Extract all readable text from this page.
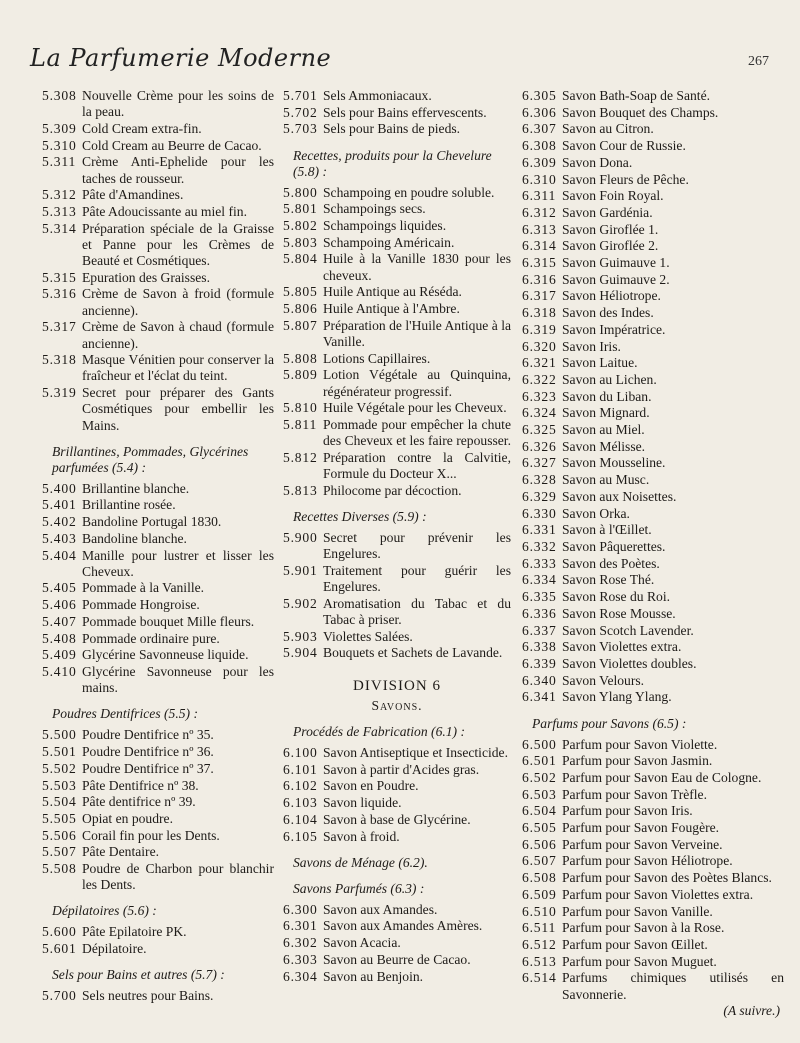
La Parfumerie Moderne	267
5.308 Nouvelle Crème pour les soins de la peau.
5.309 Cold Cream extra-fin.
5.310 Cold Cream au Beurre de Cacao.
5.311 Crème Anti-Ephelide pour les taches de rousseur.
5.312 Pâte d'Amandines.
5.313 Pâte Adoucissante au miel fin.
5.314 Préparation spéciale de la Graisse et Panne pour les Crèmes de Beauté et Cosmétiques.
5.315 Epuration des Graisses.
5.316 Crème de Savon à froid (formule ancienne).
5.317 Crème de Savon à chaud (formule ancienne).
5.318 Masque Vénitien pour conserver la fraîcheur et l'éclat du teint.
5.319 Secret pour préparer des Gants Cosmétiques pour embellir les Mains.
Brillantines, Pommades, Glycérines parfumées (5.4) :
5.400 Brillantine blanche.
5.401 Brillantine rosée.
5.402 Bandoline Portugal 1830.
5.403 Bandoline blanche.
5.404 Manille pour lustrer et lisser les Cheveux.
5.405 Pommade à la Vanille.
5.406 Pommade Hongroise.
5.407 Pommade bouquet Mille fleurs.
5.408 Pommade ordinaire pure.
5.409 Glycérine Savonneuse liquide.
5.410 Glycérine Savonneuse pour les mains.
Poudres Dentifrices (5.5) :
5.500 Poudre Dentifrice nº 35.
5.501 Poudre Dentifrice nº 36.
5.502 Poudre Dentifrice nº 37.
5.503 Pâte Dentifrice nº 38.
5.504 Pâte dentifrice nº 39.
5.505 Opiat en poudre.
5.506 Corail fin pour les Dents.
5.507 Pâte Dentaire.
5.508 Poudre de Charbon pour blanchir les Dents.
Dépilatoires (5.6) :
5.600 Pâte Epilatoire PK.
5.601 Dépilatoire.
Sels pour Bains et autres (5.7) :
5.700 Sels neutres pour Bains.
5.701 Sels Ammoniacaux.
5.702 Sels pour Bains effervescents.
5.703 Sels pour Bains de pieds.
Recettes, produits pour la Chevelure (5.8) :
5.800 Schampoing en poudre soluble.
5.801 Schampoings secs.
5.802 Schampoings liquides.
5.803 Schampoing Américain.
5.804 Huile à la Vanille 1830 pour les cheveux.
5.805 Huile Antique au Réséda.
5.806 Huile Antique à l'Ambre.
5.807 Préparation de l'Huile Antique à la Vanille.
5.808 Lotions Capillaires.
5.809 Lotion Végétale au Quinquina, régénérateur progressif.
5.810 Huile Végétale pour les Cheveux.
5.811 Pommade pour empêcher la chute des Cheveux et les faire repousser.
5.812 Préparation contre la Calvitie, Formule du Docteur X...
5.813 Philocome par décoction.
Recettes Diverses (5.9) :
5.900 Secret pour prévenir les Engelures.
5.901 Traitement pour guérir les Engelures.
5.902 Aromatisation du Tabac et du Tabac à priser.
5.903 Violettes Salées.
5.904 Bouquets et Sachets de Lavande.
DIVISION 6
Savons.
Procédés de Fabrication (6.1) :
6.100 Savon Antiseptique et Insecticide.
6.101 Savon à partir d'Acides gras.
6.102 Savon en Poudre.
6.103 Savon liquide.
6.104 Savon à base de Glycérine.
6.105 Savon à froid.
Savons de Ménage (6.2).
Savons Parfumés (6.3) :
6.300 Savon aux Amandes.
6.301 Savon aux Amandes Amères.
6.302 Savon Acacia.
6.303 Savon au Beurre de Cacao.
6.304 Savon au Benjoin.
6.305 Savon Bath-Soap de Santé.
6.306 Savon Bouquet des Champs.
6.307 Savon au Citron.
6.308 Savon Cour de Russie.
6.309 Savon Dona.
6.310 Savon Fleurs de Pêche.
6.311 Savon Foin Royal.
6.312 Savon Gardénia.
6.313 Savon Giroflée 1.
6.314 Savon Giroflée 2.
6.315 Savon Guimauve 1.
6.316 Savon Guimauve 2.
6.317 Savon Héliotrope.
6.318 Savon des Indes.
6.319 Savon Impératrice.
6.320 Savon Iris.
6.321 Savon Laitue.
6.322 Savon au Lichen.
6.323 Savon du Liban.
6.324 Savon Mignard.
6.325 Savon au Miel.
6.326 Savon Mélisse.
6.327 Savon Mousseline.
6.328 Savon au Musc.
6.329 Savon aux Noisettes.
6.330 Savon Orka.
6.331 Savon à l'Œillet.
6.332 Savon Pâquerettes.
6.333 Savon des Poètes.
6.334 Savon Rose Thé.
6.335 Savon Rose du Roi.
6.336 Savon Rose Mousse.
6.337 Savon Scotch Lavender.
6.338 Savon Violettes extra.
6.339 Savon Violettes doubles.
6.340 Savon Velours.
6.341 Savon Ylang Ylang.
Parfums pour Savons (6.5) :
6.500 Parfum pour Savon Violette.
6.501 Parfum pour Savon Jasmin.
6.502 Parfum pour Savon Eau de Cologne.
6.503 Parfum pour Savon Trèfle.
6.504 Parfum pour Savon Iris.
6.505 Parfum pour Savon Fougère.
6.506 Parfum pour Savon Verveine.
6.507 Parfum pour Savon Héliotrope.
6.508 Parfum pour Savon des Poètes Blancs.
6.509 Parfum pour Savon Violettes extra.
6.510 Parfum pour Savon Vanille.
6.511 Parfum pour Savon à la Rose.
6.512 Parfum pour Savon Œillet.
6.513 Parfum pour Savon Muguet.
6.514 Parfums chimiques utilisés en Savonnerie.
(A suivre.)
